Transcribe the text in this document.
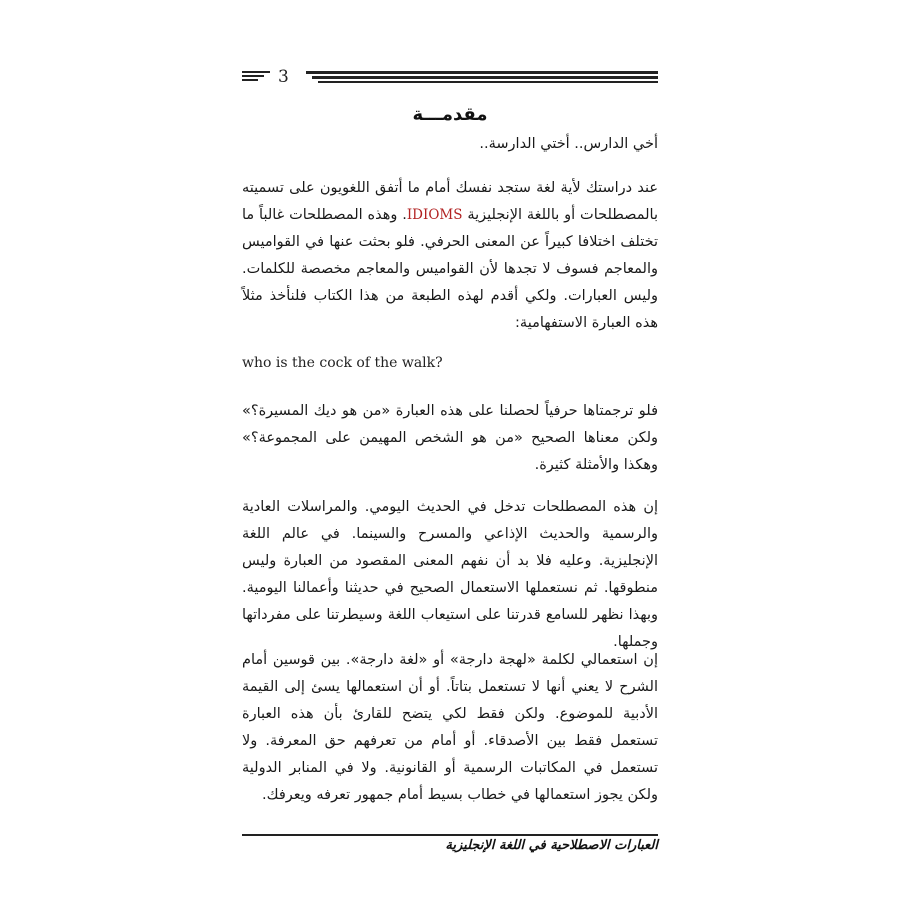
3
مقدمـــة

أخي الدارس.. أختي الدارسة..

عند دراستك لأية لغة ستجد نفسك أمام ما أتفق اللغويون على تسميته بالمصطلحات أو باللغة الإنجليزية IDIOMS. وهذه المصطلحات غالباً ما تختلف اختلافا كبيراً عن المعنى الحرفي. فلو بحثت عنها في القواميس والمعاجم فسوف لا تجدها لأن القواميس والمعاجم مخصصة للكلمات. وليس العبارات. ولكي أقدم لهذه الطبعة من هذا الكتاب فلنأخذ مثلاً هذه العبارة الاستفهامية:

who is the cock of the walk?

فلو ترجمتاها حرفياً لحصلنا على هذه العبارة «من هو ديك المسيرة؟» ولكن معناها الصحيح «من هو الشخص المهيمن على المجموعة؟» وهكذا والأمثلة كثيرة.

إن هذه المصطلحات تدخل في الحديث اليومي. والمراسلات العادية والرسمية والحديث الإذاعي والمسرح والسينما. في عالم اللغة الإنجليزية. وعليه فلا بد أن نفهم المعنى المقصود من العبارة وليس منطوقها. ثم نستعملها الاستعمال الصحيح في حديثنا وأعمالنا اليومية. وبهذا نظهر للسامع قدرتنا على استيعاب اللغة وسيطرتنا على مفرداتها وجملها.

إن استعمالي لكلمة «لهجة دارجة» أو «لغة دارجة». بين قوسين أمام الشرح لا يعني أنها لا تستعمل بتاتاً. أو أن استعمالها يسئ إلى القيمة الأدبية للموضوع. ولكن فقط لكي يتضح للقارئ بأن هذه العبارة تستعمل فقط بين الأصدقاء. أو أمام من تعرفهم حق المعرفة. ولا تستعمل في المكاتبات الرسمية أو القانونية. ولا في المنابر الدولية ولكن يجوز استعمالها في خطاب بسيط أمام جمهور تعرفه ويعرفك.

العبارات الاصطلاحية في اللغة الإنجليزية
